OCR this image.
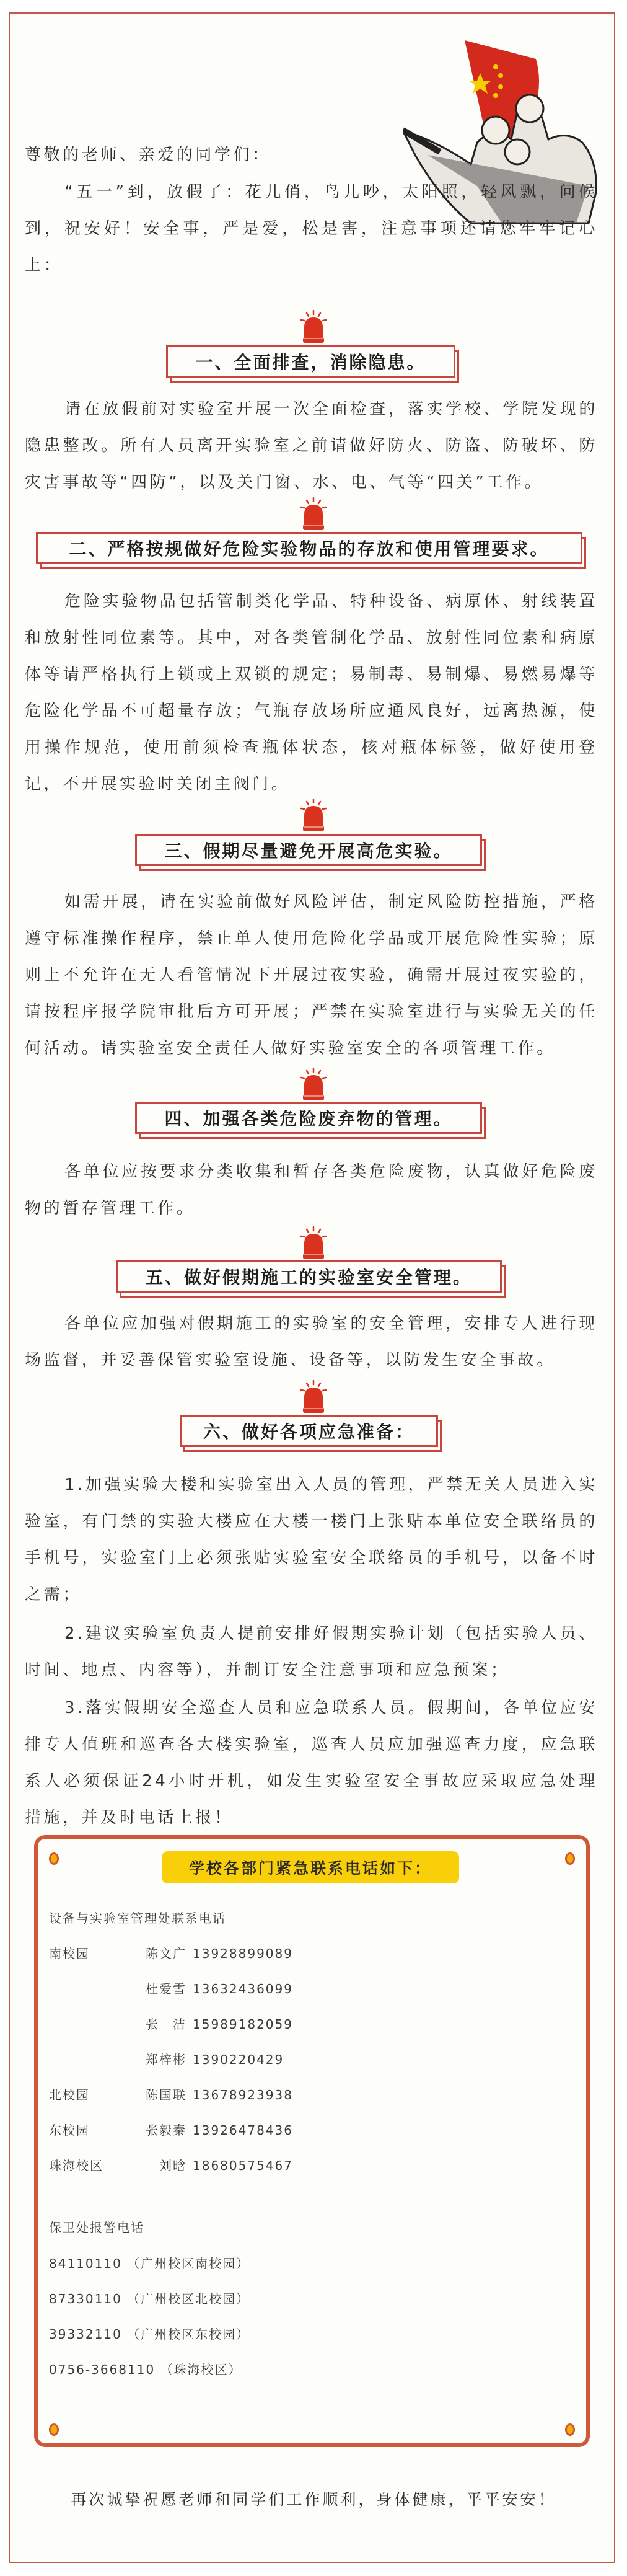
尊敬的老师、亲爱的同学们：

“五一”到，放假了：花儿俏，鸟儿吵，太阳照，轻风飘，问候到，祝安好！安全事，严是爱，松是害，注意事项还请您牢牢记心上：

一、全面排查，消除隐患。

请在放假前对实验室开展一次全面检查，落实学校、学院发现的隐患整改。所有人员离开实验室之前请做好防火、防盗、防破坏、防灾害事故等“四防”，以及关门窗、水、电、气等“四关”工作。

二、严格按规做好危险实验物品的存放和使用管理要求。

危险实验物品包括管制类化学品、特种设备、病原体、射线装置和放射性同位素等。其中，对各类管制化学品、放射性同位素和病原体等请严格执行上锁或上双锁的规定；易制毒、易制爆、易燃易爆等危险化学品不可超量存放；气瓶存放场所应通风良好，远离热源，使用操作规范，使用前须检查瓶体状态，核对瓶体标签，做好使用登记，不开展实验时关闭主阀门。

三、假期尽量避免开展高危实验。

如需开展，请在实验前做好风险评估，制定风险防控措施，严格遵守标准操作程序，禁止单人使用危险化学品或开展危险性实验；原则上不允许在无人看管情况下开展过夜实验，确需开展过夜实验的，请按程序报学院审批后方可开展；严禁在实验室进行与实验无关的任何活动。请实验室安全责任人做好实验室安全的各项管理工作。

四、加强各类危险废弃物的管理。

各单位应按要求分类收集和暂存各类危险废物，认真做好危险废物的暂存管理工作。

五、做好假期施工的实验室安全管理。

各单位应加强对假期施工的实验室的安全管理，安排专人进行现场监督，并妥善保管实验室设施、设备等，以防发生安全事故。

六、做好各项应急准备：

1.加强实验大楼和实验室出入人员的管理，严禁无关人员进入实验室，有门禁的实验大楼应在大楼一楼门上张贴本单位安全联络员的手机号，实验室门上必须张贴实验室安全联络员的手机号，以备不时之需；

2.建议实验室负责人提前安排好假期实验计划（包括实验人员、时间、地点、内容等），并制订安全注意事项和应急预案；

3.落实假期安全巡查人员和应急联系人员。假期间，各单位应安排专人值班和巡查各大楼实验室，巡查人员应加强巡查力度，应急联系人必须保证24小时开机，如发生实验室安全事故应采取应急处理措施，并及时电话上报！

学校各部门紧急联系电话如下：
设备与实验室管理处联系电话
南校园	陈文广 13928899089
杜爱雪 13632436099
张　洁 15989182059
郑梓彬 1390220429
北校园	陈国联 13678923938
东校园	张毅秦 13926478436
珠海校区	刘晗 18680575467
保卫处报警电话
84110110 （广州校区南校园）
87330110 （广州校区北校园）
39332110 （广州校区东校园）
0756-3668110 （珠海校区）
再次诚挚祝愿老师和同学们工作顺利，身体健康，平平安安！
